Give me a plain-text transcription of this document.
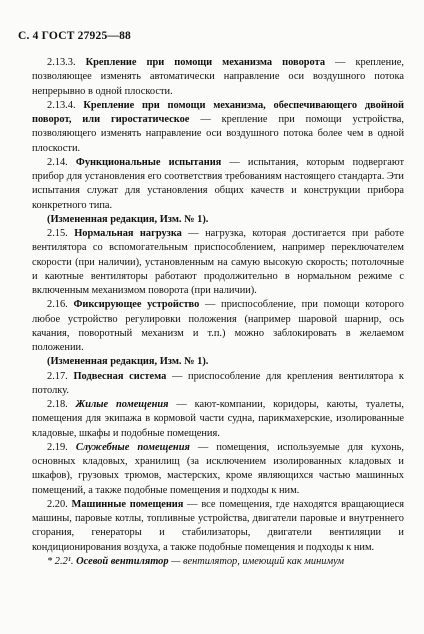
С. 4 ГОСТ 27925—88

2.13.3. Крепление при помощи механизма поворота — крепление, позволяющее изменять автоматически направление оси воздушного потока непрерывно в одной плоскости.

2.13.4. Крепление при помощи механизма, обеспечивающего двойной поворот, или гиростатическое — крепление при помощи устройства, позволяющего изменять направление оси воздушного потока более чем в одной плоскости.

2.14. Функциональные испытания — испытания, которым подвергают прибор для установления его соответствия требованиям настоящего стандарта. Эти испытания служат для установления общих качеств и конструкции прибора конкретного типа.

(Измененная редакция, Изм. № 1).

2.15. Нормальная нагрузка — нагрузка, которая достигается при работе вентилятора со вспомогательным приспособлением, например переключателем скорости (при наличии), установленным на самую высокую скорость; потолочные и каютные вентиляторы работают продолжительно в нормальном режиме с включенным механизмом поворота (при наличии).

2.16. Фиксирующее устройство — приспособление, при помощи которого любое устройство регулировки положения (например шаровой шарнир, ось качания, поворотный механизм и т.п.) можно заблокировать в желаемом положении.

(Измененная редакция, Изм. № 1).

2.17. Подвесная система — приспособление для крепления вентилятора к потолку.

2.18. Жилые помещения — кают-компании, коридоры, каюты, туалеты, помещения для экипажа в кормовой части судна, парикмахерские, изолированные кладовые, шкафы и подобные помещения.

2.19. Служебные помещения — помещения, используемые для кухонь, основных кладовых, хранилищ (за исключением изолированных кладовых и шкафов), грузовых трюмов, мастерских, кроме являющихся частью машинных помещений, а также подобные помещения и подходы к ним.

2.20. Машинные помещения — все помещения, где находятся вращающиеся машины, паровые котлы, топливные устройства, двигатели паровые и внутреннего сгорания, генераторы и стабилизаторы, двигатели вентиляции и кондиционирования воздуха, а также подобные помещения и подходы к ним.

* 2.2¹. Осевой вентилятор — вентилятор, имеющий как минимум
